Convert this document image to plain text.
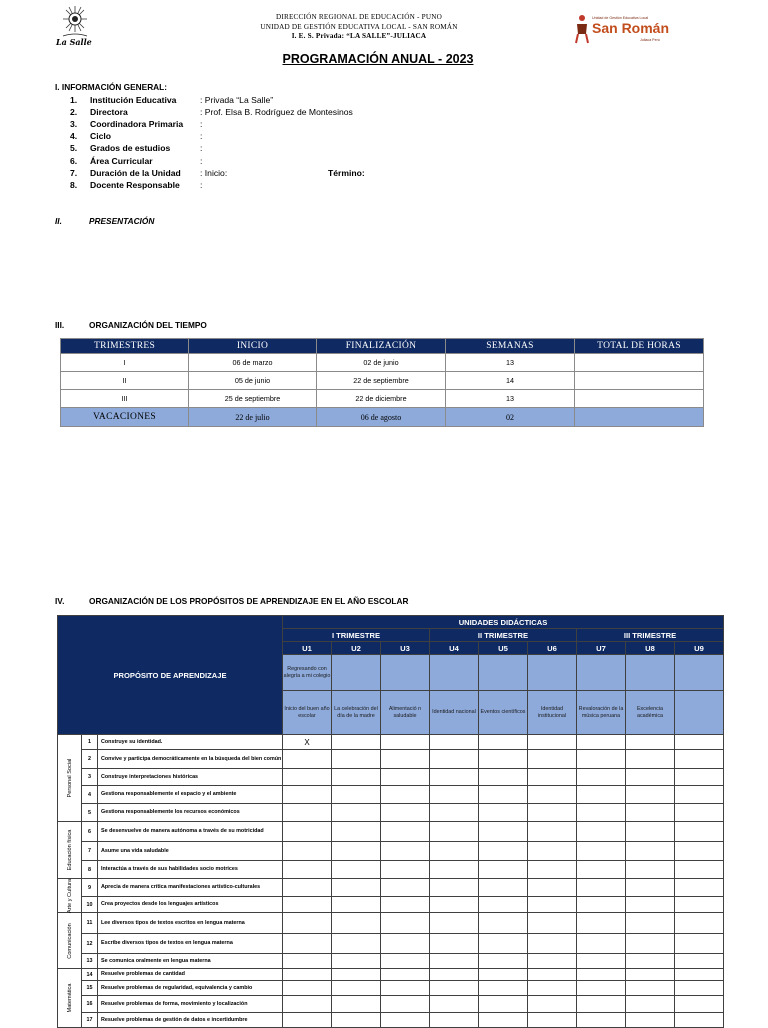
La Salle
DIRECCIÓN REGIONAL DE EDUCACIÓN - PUNO
UNIDAD DE GESTIÓN EDUCATIVA LOCAL - SAN ROMÁN
I. E. S. Privada: “LA SALLE”-JULIACA
Unidad de Gestión Educativa Local
San Román
Juliaca Perú
PROGRAMACIÓN ANUAL - 2023
I. INFORMACIÓN GENERAL:
1.	Institución Educativa	: Privada “La Salle”
2.	Directora	: Prof. Elsa B. Rodríguez de Montesinos
3.	Coordinadora Primaria :
4.	Ciclo	:
5.	Grados de estudios	:
6.	Área Curricular	:
7.	Duración de la Unidad : Inicio:	Término:
8.	Docente Responsable :
II.	PRESENTACIÓN
III.	ORGANIZACIÓN DEL TIEMPO
TRIMESTRES	INICIO	FINALIZACIÓN	SEMANAS	TOTAL DE HORAS
I	06 de marzo	02 de junio	13	
II	05 de junio	22 de septiembre	14	
III	25 de septiembre	22 de diciembre	13	
VACACIONES	22 de julio	06 de agosto	02	
IV.	ORGANIZACIÓN DE LOS PROPÓSITOS DE APRENDIZAJE EN EL AÑO ESCOLAR
PROPÓSITO DE APRENDIZAJE			UNIDADES DIDÁCTICAS								
			I TRIMESTRE			II TRIMESTRE			III TRIMESTRE		
			U1	U2	U3	U4	U5	U6	U7	U8	U9
			Regresando con alegría a mi colegio								
			Inicio del buen año escolar	La celebración del día de la madre	Alimentació n saludable	Identidad nacional	Eventos científicos	Identidad institucional	Revaloración de la música peruana	Excelencia académica	

Personal Social	1	Construye su identidad.	X								
	2	Convive y participa democráticamente en la búsqueda del bien común									
	3	Construye interpretaciones históricas									
	4	Gestiona responsablemente el espacio y el ambiente									
	5	Gestiona responsablemente los recursos económicos									

Educación física	6	Se desenvuelve de manera autónoma a través de su motricidad									
	7	Asume una vida saludable									
	8	Interactúa a través de sus habilidades socio motrices									

Arte y Cultura	9	Aprecia de manera crítica manifestaciones artístico-culturales									
	10	Crea proyectos desde los lenguajes artísticos									

Comunicación	11	Lee diversos tipos de textos escritos en lengua materna									
	12	Escribe diversos tipos de textos en lengua materna									
	13	Se comunica oralmente en lengua materna									

Matemática	14	Resuelve problemas de cantidad									
	15	Resuelve problemas de regularidad, equivalencia y cambio									
	16	Resuelve problemas de forma, movimiento y localización									
	17	Resuelve problemas de gestión de datos e incertidumbre									
